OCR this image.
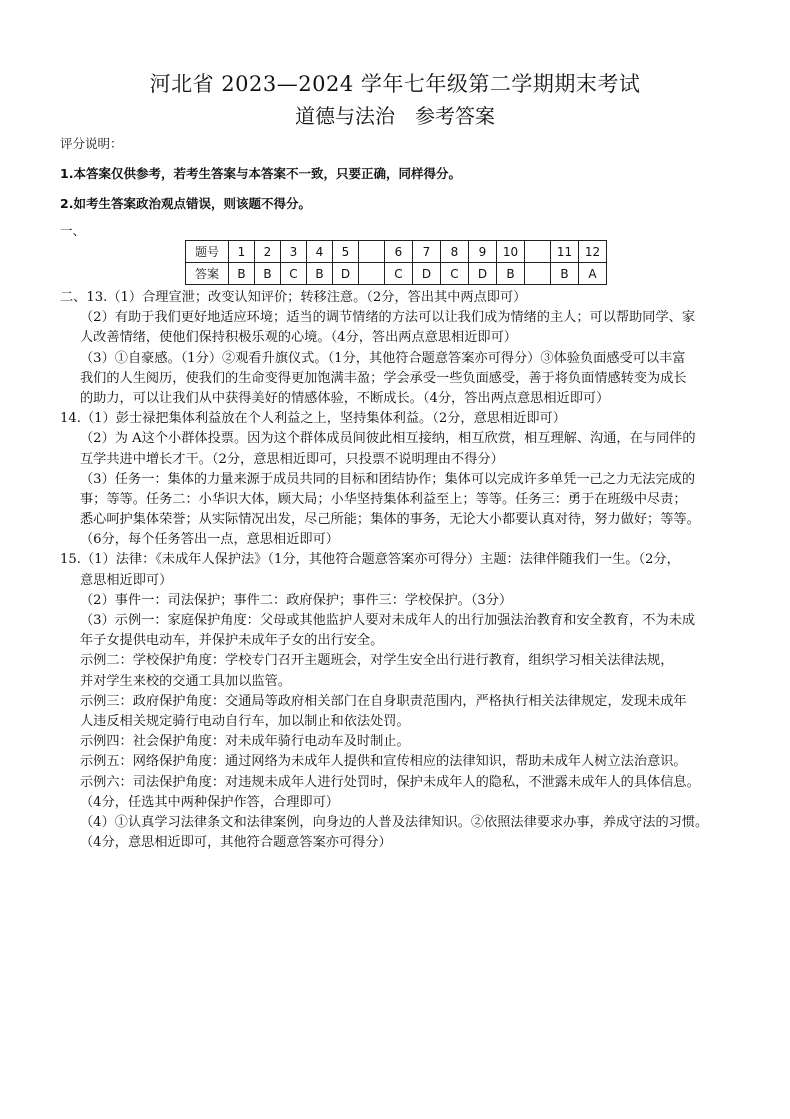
河北省 2023—2024 学年七年级第二学期期末考试
道德与法治　参考答案
评分说明：
1.本答案仅供参考，若考生答案与本答案不一致，只要正确，同样得分。
2.如考生答案政治观点错误，则该题不得分。
一、
题号	1	2	3	4	5		6	7	8	9	10		11	12
答案	B	B	C	B	D		C	D	C	D	B		B	A
二、13.（1）合理宣泄；改变认知评价；转移注意。（2分，答出其中两点即可）
（2）有助于我们更好地适应环境；适当的调节情绪的方法可以让我们成为情绪的主人；可以帮助同学、家
人改善情绪，使他们保持积极乐观的心境。（4分，答出两点意思相近即可）
（3）①自豪感。（1分）②观看升旗仪式。（1分，其他符合题意答案亦可得分）③体验负面感受可以丰富
我们的人生阅历，使我们的生命变得更加饱满丰盈；学会承受一些负面感受，善于将负面情感转变为成长
的助力，可以让我们从中获得美好的情感体验，不断成长。（4分，答出两点意思相近即可）
14.（1）彭士禄把集体利益放在个人利益之上，坚持集体利益。（2分，意思相近即可）
（2）为 A这个小群体投票。因为这个群体成员间彼此相互接纳，相互欣赏，相互理解、沟通，在与同伴的
互学共进中增长才干。（2分，意思相近即可，只投票不说明理由不得分）
（3）任务一：集体的力量来源于成员共同的目标和团结协作；集体可以完成许多单凭一己之力无法完成的
事；等等。任务二：小华识大体，顾大局；小华坚持集体利益至上；等等。任务三：勇于在班级中尽责；
悉心呵护集体荣誉；从实际情况出发，尽己所能；集体的事务，无论大小都要认真对待，努力做好；等等。
（6分，每个任务答出一点，意思相近即可）
15.（1）法律：《未成年人保护法》（1分，其他符合题意答案亦可得分）主题：法律伴随我们一生。（2分，
意思相近即可）
（2）事件一：司法保护；事件二：政府保护；事件三：学校保护。（3分）
（3）示例一：家庭保护角度：父母或其他监护人要对未成年人的出行加强法治教育和安全教育，不为未成
年子女提供电动车，并保护未成年子女的出行安全。
示例二：学校保护角度：学校专门召开主题班会，对学生安全出行进行教育，组织学习相关法律法规，
并对学生来校的交通工具加以监管。
示例三：政府保护角度：交通局等政府相关部门在自身职责范围内，严格执行相关法律规定，发现未成年
人违反相关规定骑行电动自行车，加以制止和依法处罚。
示例四：社会保护角度：对未成年骑行电动车及时制止。
示例五：网络保护角度：通过网络为未成年人提供和宣传相应的法律知识，帮助未成年人树立法治意识。
示例六：司法保护角度：对违规未成年人进行处罚时，保护未成年人的隐私，不泄露未成年人的具体信息。
（4分，任选其中两种保护作答，合理即可）
（4）①认真学习法律条文和法律案例，向身边的人普及法律知识。②依照法律要求办事，养成守法的习惯。
（4分，意思相近即可，其他符合题意答案亦可得分）
